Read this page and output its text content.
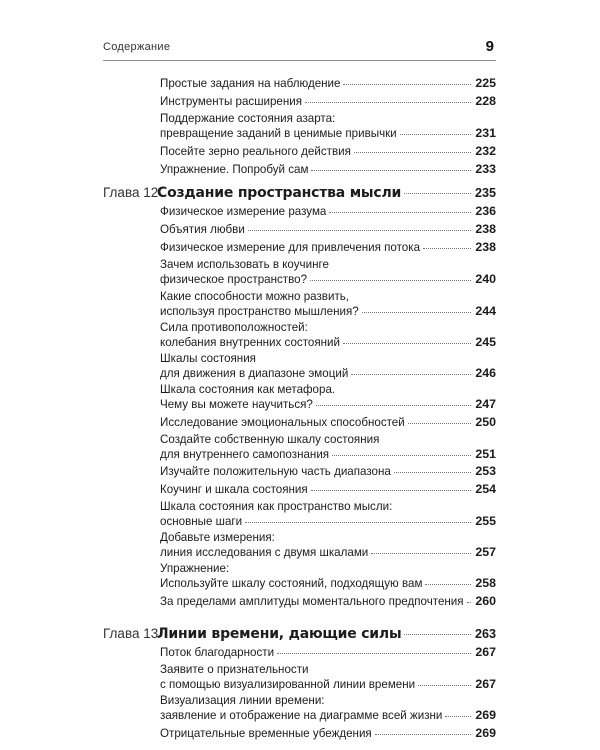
Содержание	9
Простые задания на наблюдение	225
Инструменты расширения	228
Поддержание состояния азарта:
превращение заданий в ценимые привычки	231
Посейте зерно реального действия	232
Упражнение. Попробуй сам	233
Глава 12
Создание пространства мысли	235
Физическое измерение разума	236
Объятия любви	238
Физическое измерение для привлечения потока	238
Зачем использовать в коучинге
физическое пространство?	240
Какие способности можно развить,
используя пространство мышления?	244
Сила противоположностей:
колебания внутренних состояний	245
Шкалы состояния
для движения в диапазоне эмоций	246
Шкала состояния как метафора.
Чему вы можете научиться?	247
Исследование эмоциональных способностей	250
Создайте собственную шкалу состояния
для внутреннего самопознания	251
Изучайте положительную часть диапазона	253
Коучинг и шкала состояния	254
Шкала состояния как пространство мысли:
основные шаги	255
Добавьте измерения:
линия исследования с двумя шкалами	257
Упражнение:
Используйте шкалу состояний, подходящую вам	258
За пределами амплитуды моментального предпочтения 260
Глава 13
Линии времени, дающие силы	263
Поток благодарности	267
Заявите о признательности
с помощью визуализированной линии времени	267
Визуализация линии времени:
заявление и отображение на диаграмме всей жизни	269
Отрицательные временные убеждения	269
